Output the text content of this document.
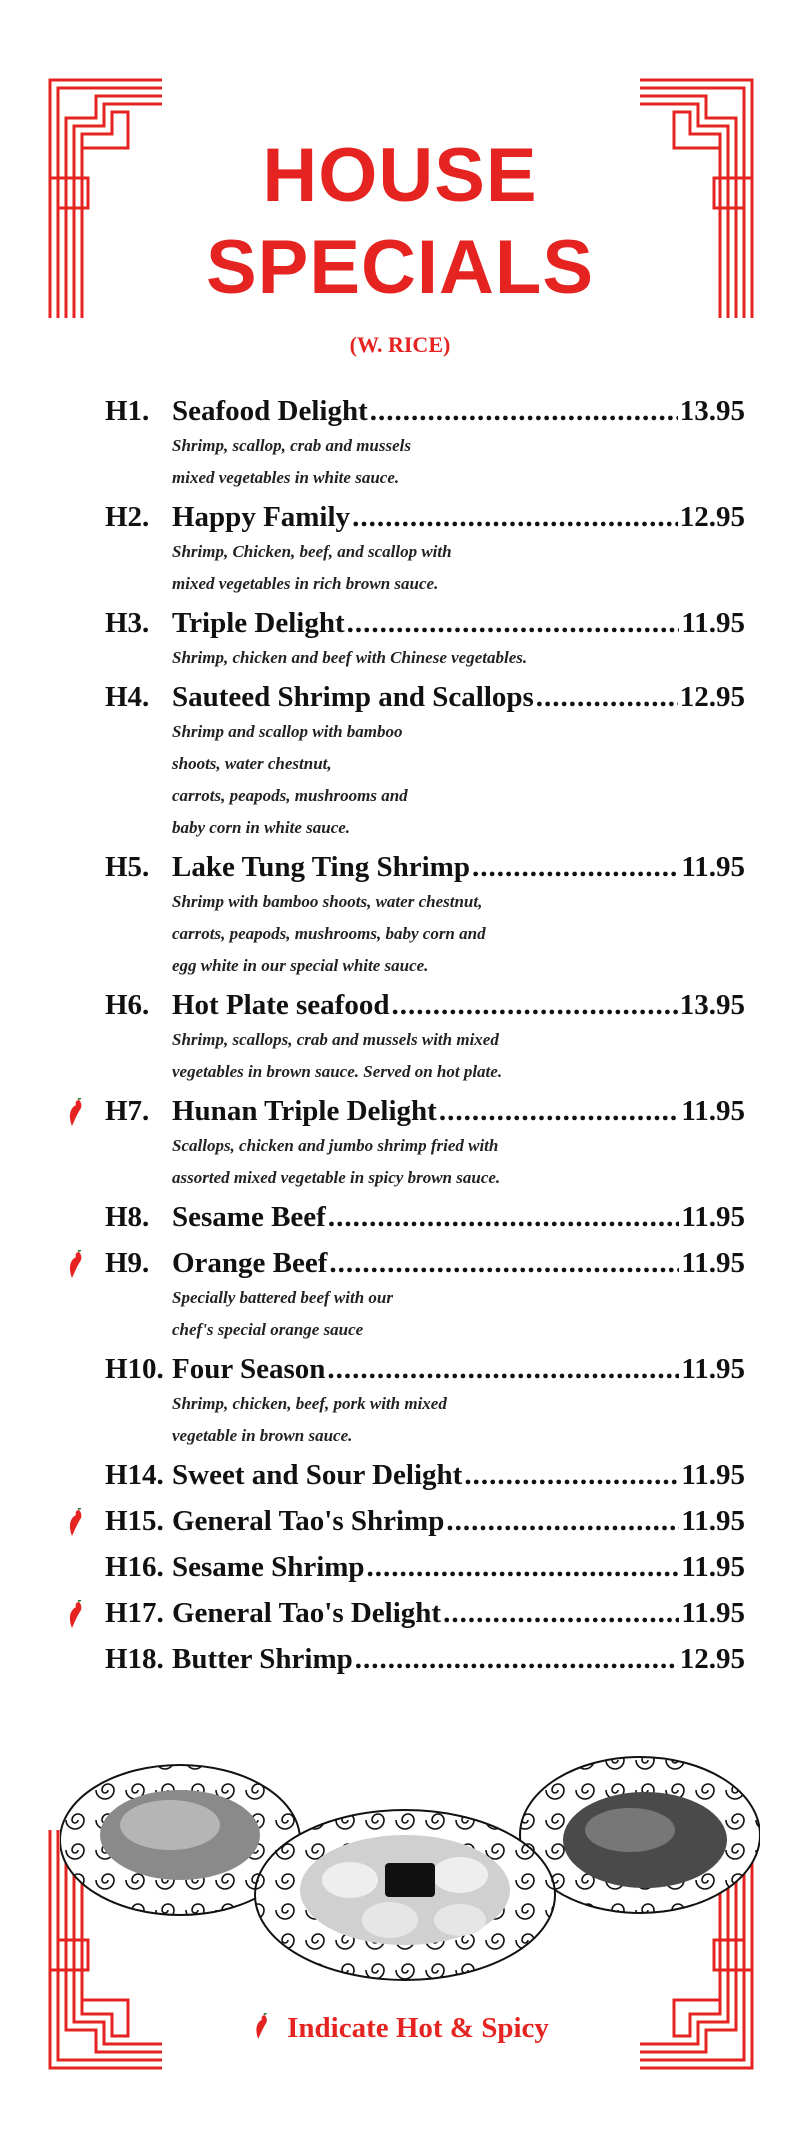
HOUSE
SPECIALS
(W. RICE)
H1. Seafood Delight .....	13.95
Shrimp, scallop, crab and mussels
mixed vegetables in white sauce.
H2. Happy Family .....	12.95
Shrimp, Chicken, beef, and scallop with
mixed vegetables in rich brown sauce.
H3. Triple Delight .....	11.95
Shrimp, chicken and beef with Chinese vegetables.
H4. Sauteed Shrimp and Scallops .....	12.95
Shrimp and scallop with bamboo
shoots, water chestnut,
carrots, peapods, mushrooms and
baby corn in white sauce.
H5. Lake Tung Ting Shrimp .....	11.95
Shrimp with bamboo shoots, water chestnut,
carrots, peapods, mushrooms, baby corn and
egg white in our special white sauce.
H6. Hot Plate seafood .....	13.95
Shrimp, scallops, crab and mussels with mixed
vegetables in brown sauce. Served on hot plate.
H7. Hunan Triple Delight .....	11.95
Scallops, chicken and jumbo shrimp fried with
assorted mixed vegetable in spicy brown sauce.
H8. Sesame Beef .....	11.95
H9. Orange Beef .....	11.95
Specially battered beef with our
chef's special orange sauce
H10. Four Season .....	11.95
Shrimp, chicken, beef, pork with mixed
vegetable in brown sauce.
H14. Sweet and Sour Delight .....	11.95
H15. General Tao's Shrimp .....	11.95
H16. Sesame Shrimp .....	11.95
H17. General Tao's Delight .....	11.95
H18. Butter Shrimp .....	12.95
Indicate Hot & Spicy
